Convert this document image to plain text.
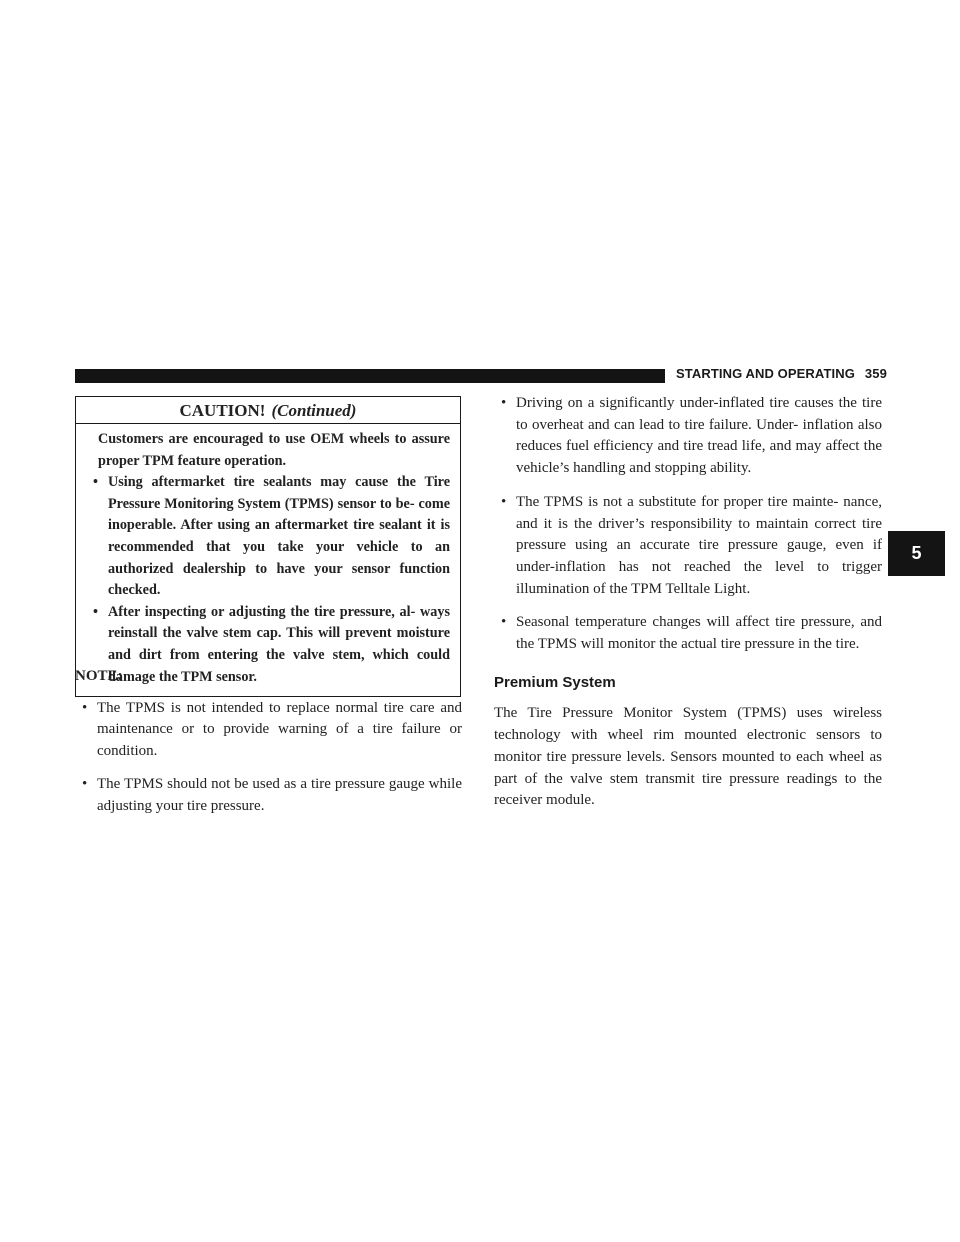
STARTING AND OPERATING 359
5
CAUTION! (Continued)

Customers are encouraged to use OEM wheels to assure proper TPM feature operation.

• Using aftermarket tire sealants may cause the Tire Pressure Monitoring System (TPMS) sensor to be- come inoperable. After using an aftermarket tire sealant it is recommended that you take your vehicle to an authorized dealership to have your sensor function checked.

• After inspecting or adjusting the tire pressure, al- ways reinstall the valve stem cap. This will prevent moisture and dirt from entering the valve stem, which could damage the TPM sensor.

NOTE:
• The TPMS is not intended to replace normal tire care and maintenance or to provide warning of a tire failure or condition.
• The TPMS should not be used as a tire pressure gauge while adjusting your tire pressure.
• Driving on a significantly under-inflated tire causes the tire to overheat and can lead to tire failure. Under- inflation also reduces fuel efficiency and tire tread life, and may affect the vehicle’s handling and stopping ability.
• The TPMS is not a substitute for proper tire mainte- nance, and it is the driver’s responsibility to maintain correct tire pressure using an accurate tire pressure gauge, even if under-inflation has not reached the level to trigger illumination of the TPM Telltale Light.
• Seasonal temperature changes will affect tire pressure, and the TPMS will monitor the actual tire pressure in the tire.
Premium System
The Tire Pressure Monitor System (TPMS) uses wireless technology with wheel rim mounted electronic sensors to monitor tire pressure levels. Sensors mounted to each wheel as part of the valve stem transmit tire pressure readings to the receiver module.
